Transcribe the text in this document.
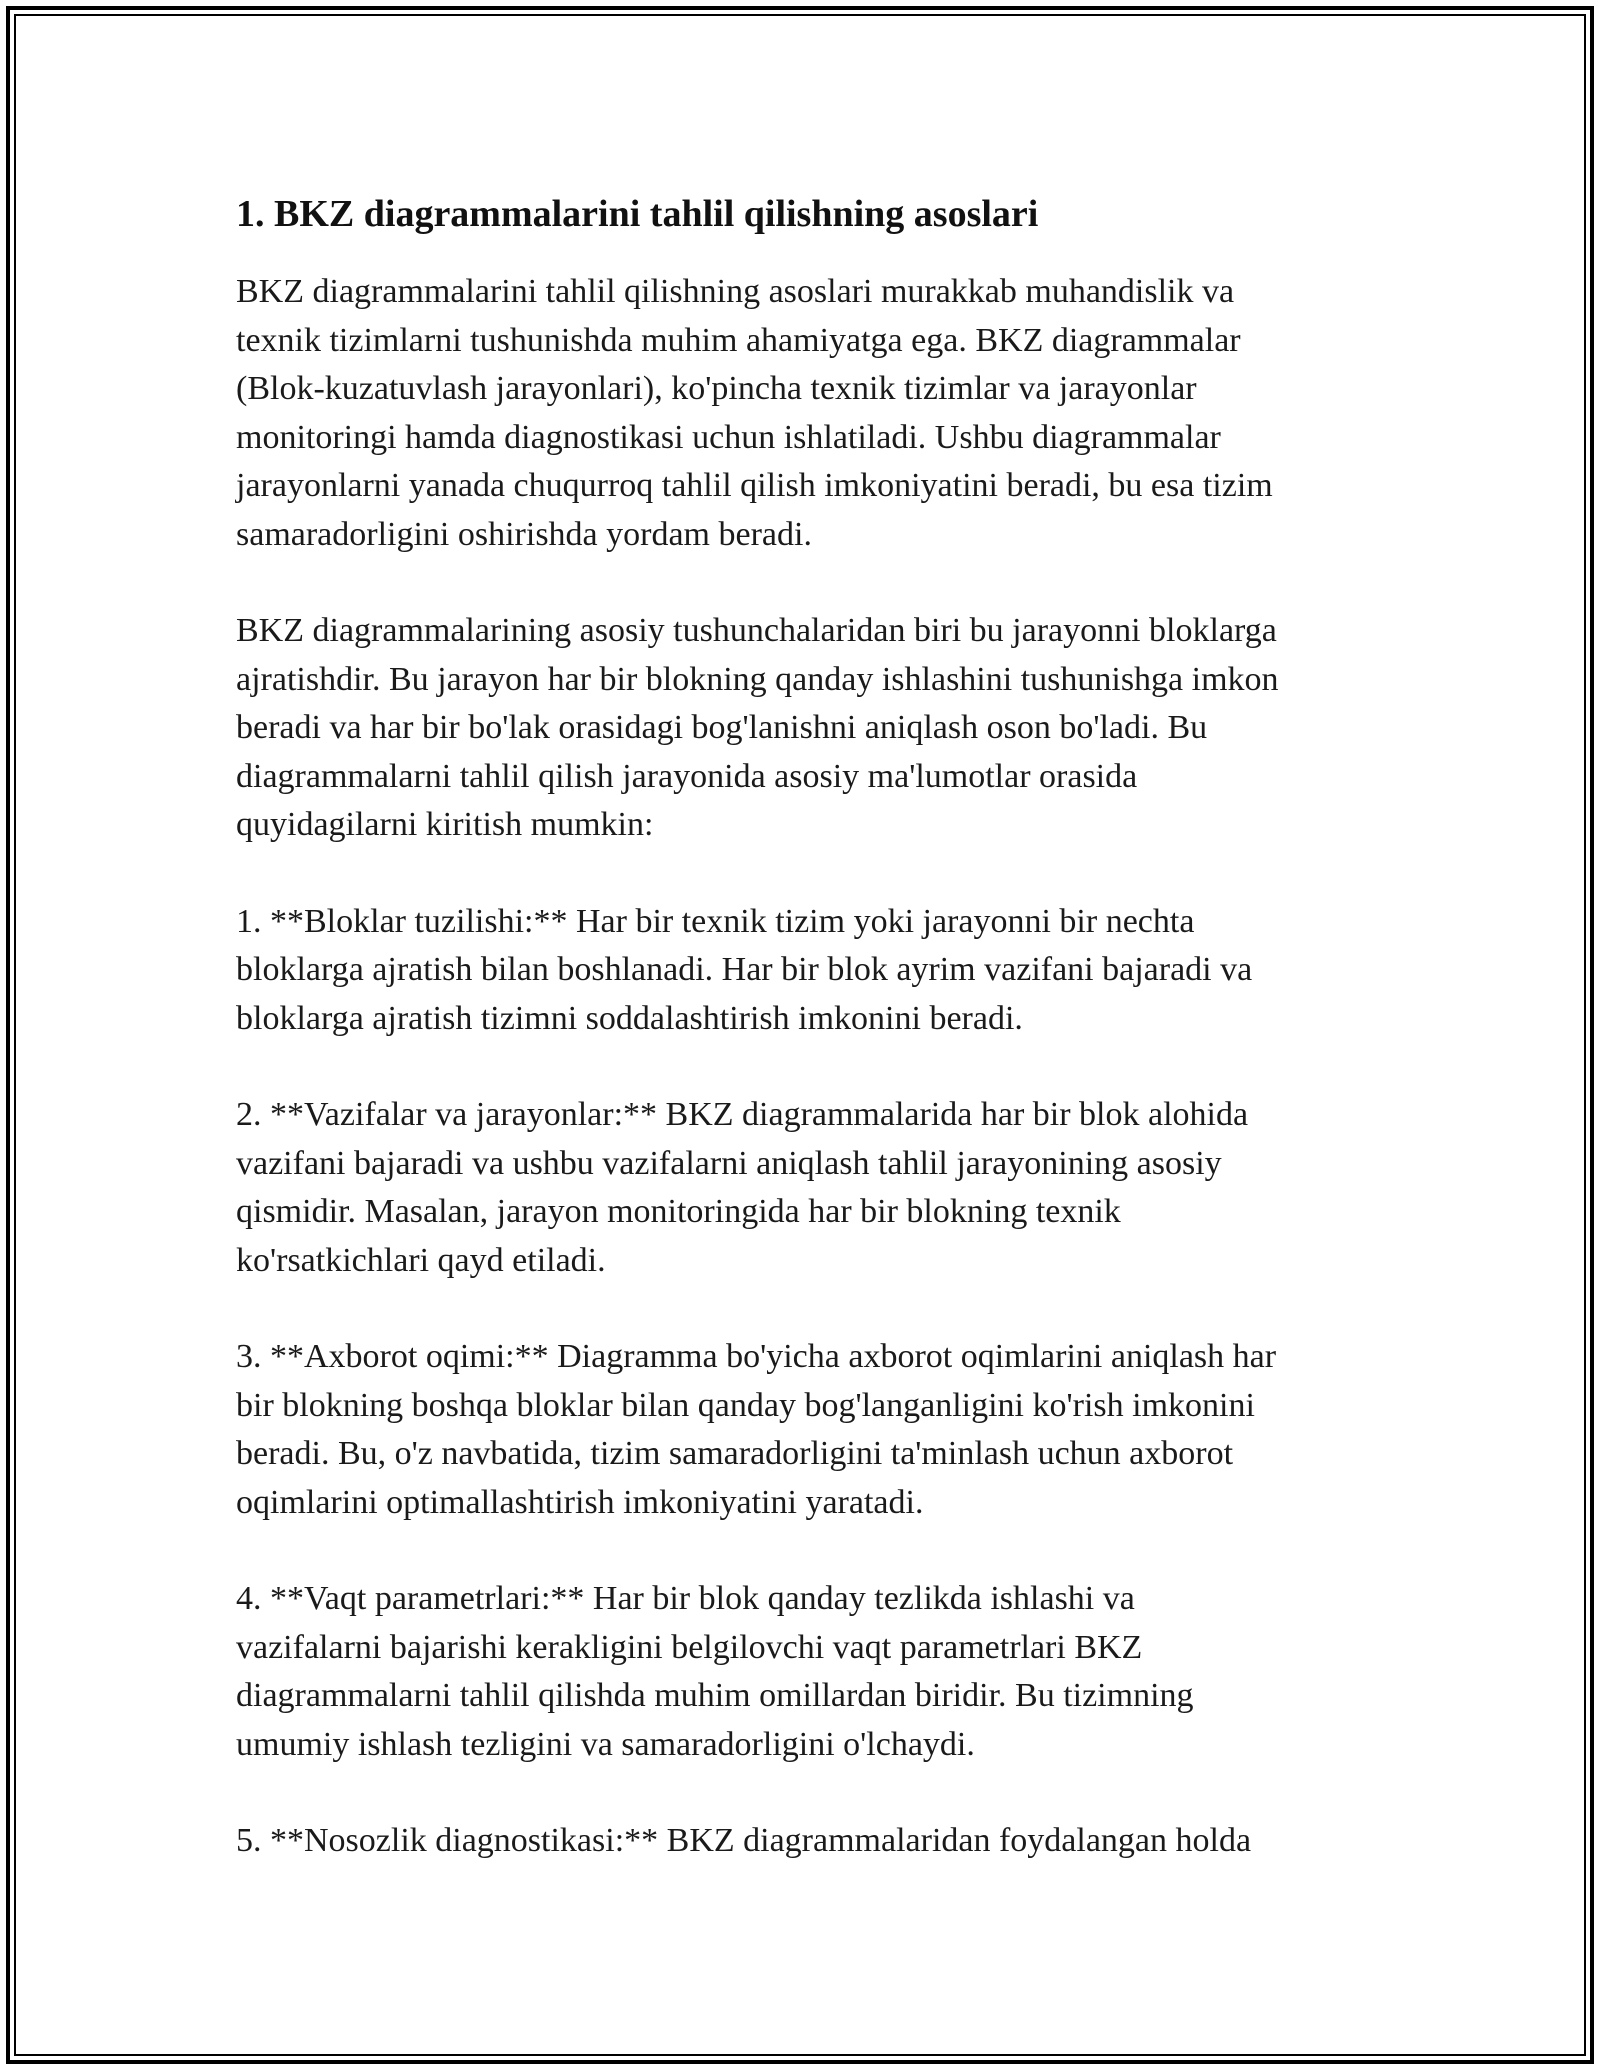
1. BKZ diagrammalarini tahlil qilishning asoslari

BKZ diagrammalarini tahlil qilishning asoslari murakkab muhandislik va
texnik tizimlarni tushunishda muhim ahamiyatga ega. BKZ diagrammalar
(Blok-kuzatuvlash jarayonlari), ko'pincha texnik tizimlar va jarayonlar
monitoringi hamda diagnostikasi uchun ishlatiladi. Ushbu diagrammalar
jarayonlarni yanada chuqurroq tahlil qilish imkoniyatini beradi, bu esa tizim
samaradorligini oshirishda yordam beradi.

BKZ diagrammalarining asosiy tushunchalaridan biri bu jarayonni bloklarga
ajratishdir. Bu jarayon har bir blokning qanday ishlashini tushunishga imkon
beradi va har bir bo'lak orasidagi bog'lanishni aniqlash oson bo'ladi. Bu
diagrammalarni tahlil qilish jarayonida asosiy ma'lumotlar orasida
quyidagilarni kiritish mumkin:

1. **Bloklar tuzilishi:** Har bir texnik tizim yoki jarayonni bir nechta
bloklarga ajratish bilan boshlanadi. Har bir blok ayrim vazifani bajaradi va
bloklarga ajratish tizimni soddalashtirish imkonini beradi.

2. **Vazifalar va jarayonlar:** BKZ diagrammalarida har bir blok alohida
vazifani bajaradi va ushbu vazifalarni aniqlash tahlil jarayonining asosiy
qismidir. Masalan, jarayon monitoringida har bir blokning texnik
ko'rsatkichlari qayd etiladi.

3. **Axborot oqimi:** Diagramma bo'yicha axborot oqimlarini aniqlash har
bir blokning boshqa bloklar bilan qanday bog'langanligini ko'rish imkonini
beradi. Bu, o'z navbatida, tizim samaradorligini ta'minlash uchun axborot
oqimlarini optimallashtirish imkoniyatini yaratadi.

4. **Vaqt parametrlari:** Har bir blok qanday tezlikda ishlashi va
vazifalarni bajarishi kerakligini belgilovchi vaqt parametrlari BKZ
diagrammalarni tahlil qilishda muhim omillardan biridir. Bu tizimning
umumiy ishlash tezligini va samaradorligini o'lchaydi.

5. **Nosozlik diagnostikasi:** BKZ diagrammalaridan foydalangan holda
